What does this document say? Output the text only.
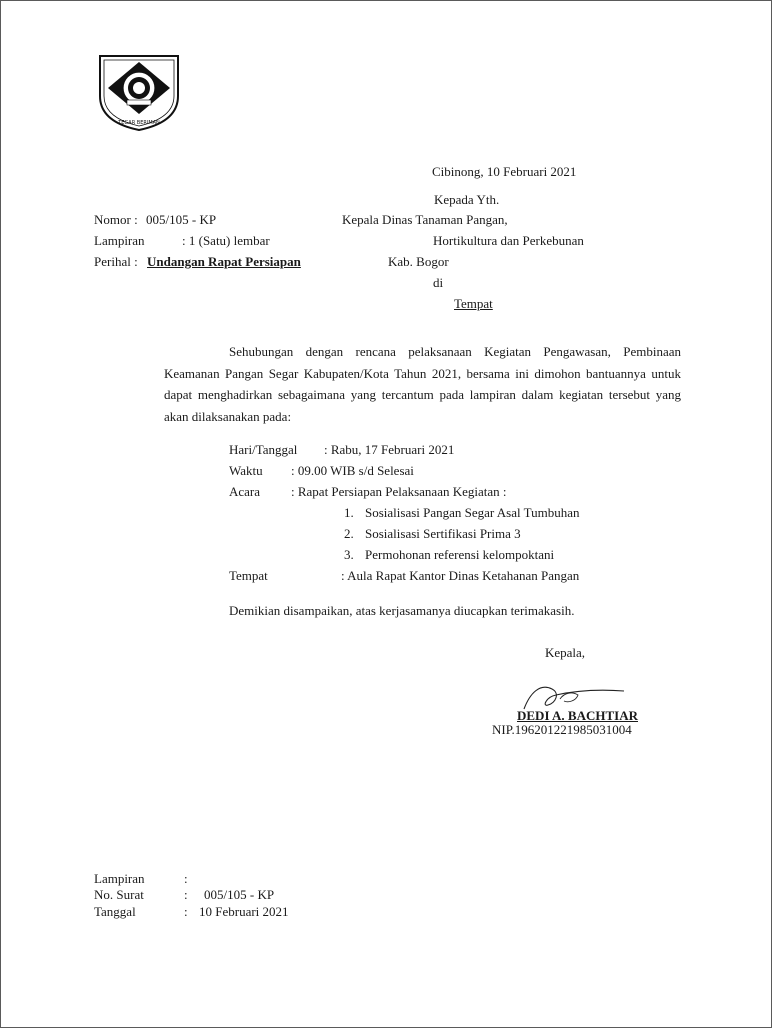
TEGAR BERIMAN
Cibinong, 10 Februari 2021
Kepada Yth.
Nomor : 005/105 - KP	Kepala Dinas Tanaman Pangan,
Lampiran	: 1 (Satu) lembar	Hortikultura dan Perkebunan
Perihal : Undangan Rapat Persiapan	Kab. Bogor
di
Tempat
Sehubungan dengan rencana pelaksanaan Kegiatan Pengawasan, Pembinaan Keamanan Pangan Segar Kabupaten/Kota Tahun 2021, bersama ini dimohon bantuannya untuk dapat menghadirkan sebagaimana yang tercantum pada lampiran dalam kegiatan tersebut yang akan dilaksanakan pada:
Hari/Tanggal : Rabu, 17 Februari 2021
Waktu : 09.00 WIB s/d Selesai
Acara : Rapat Persiapan Pelaksanaan Kegiatan :
1. Sosialisasi Pangan Segar Asal Tumbuhan
2. Sosialisasi Sertifikasi Prima 3
3. Permohonan referensi kelompoktani
Tempat	: Aula Rapat Kantor Dinas Ketahanan Pangan
Demikian disampaikan, atas kerjasamanya diucapkan terimakasih.
Kepala,
DEDI A. BACHTIAR
NIP.196201221985031004
Lampiran	:
No. Surat	: 005/105 - KP
Tanggal	: 10 Februari 2021
